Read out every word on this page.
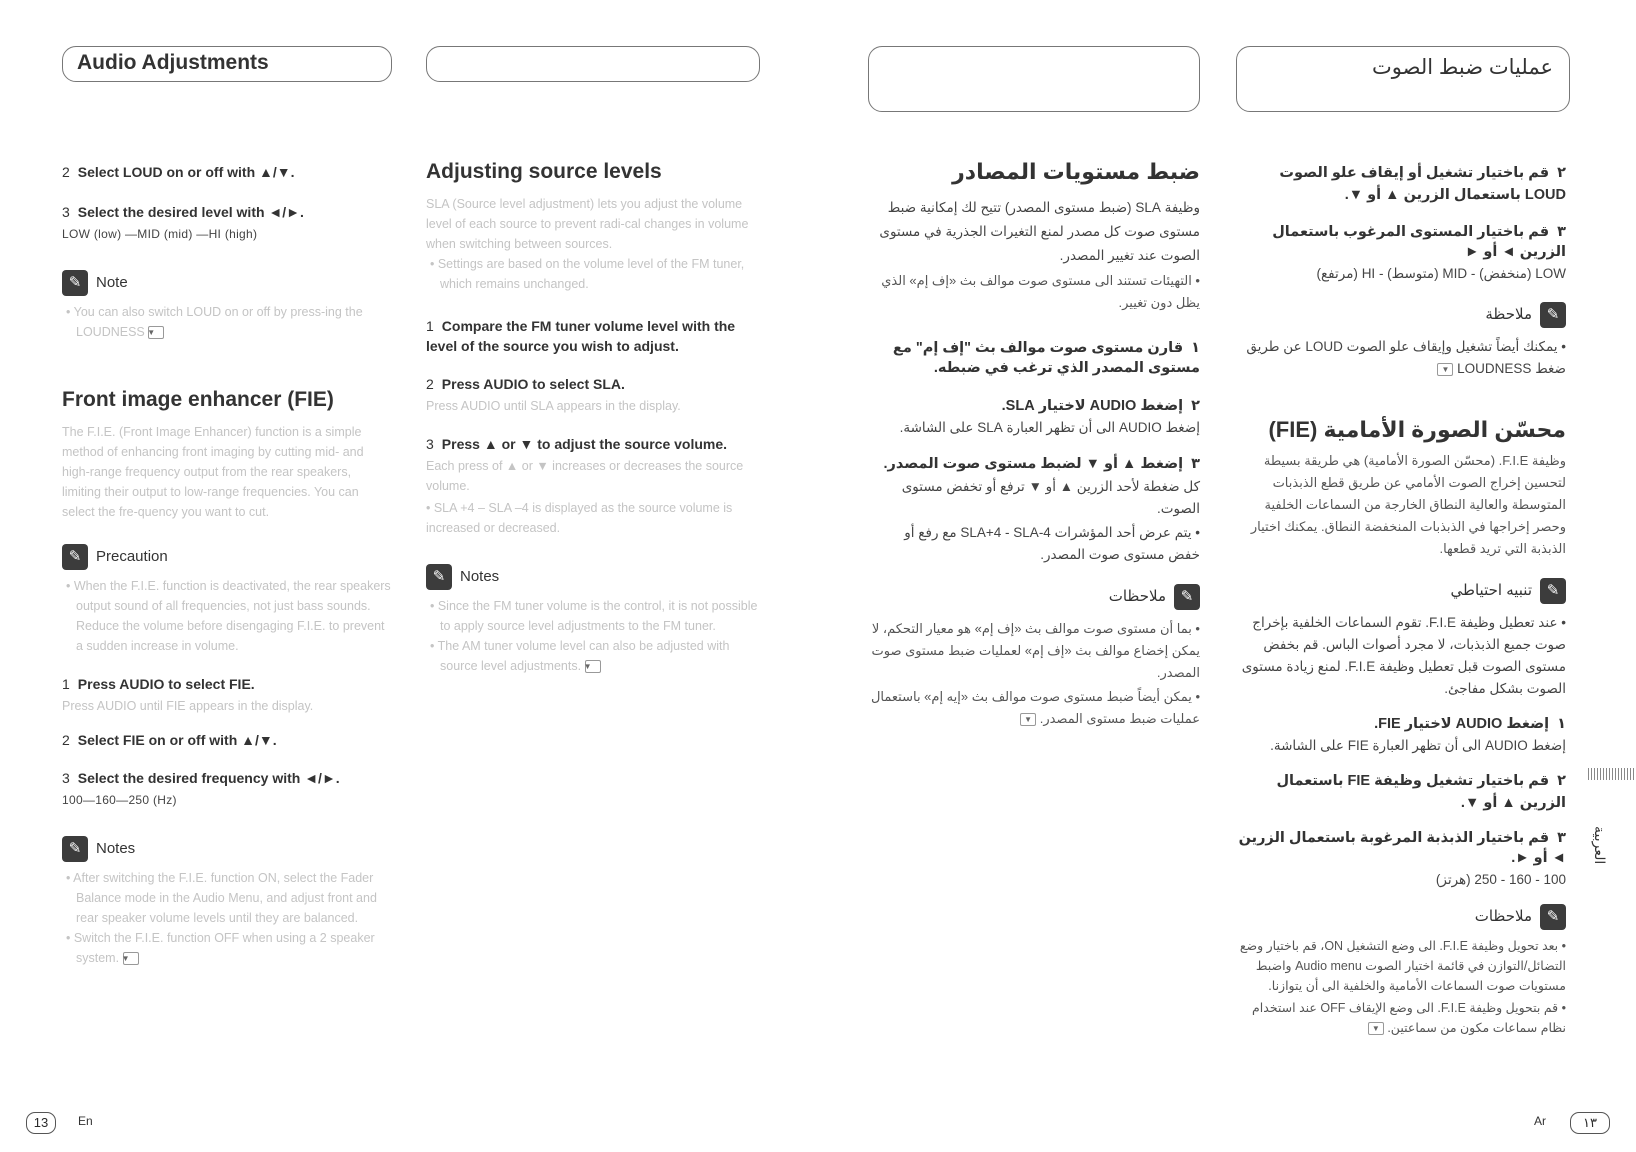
Audio Adjustments	عمليات ضبط الصوت

2 Select LOUD on or off with ▲/▼.

3 Select the desired level with ◄/►.

LOW (low) —MID (mid) —HI (high)

✎ Note

• You can also switch LOUD on or off by press-ing the LOUDNESS ▼

Front image enhancer (FIE)

The F.I.E. (Front Image Enhancer) function is a simple method of enhancing front imaging by cutting mid- and high-range frequency output from the rear speakers, limiting their output to low-range frequencies. You can select the fre-quency you want to cut.

✎ Precaution

• When the F.I.E. function is deactivated, the rear speakers output sound of all frequencies, not just bass sounds. Reduce the volume before disengaging F.I.E. to prevent a sudden increase in volume.

1 Press AUDIO to select FIE.

Press AUDIO until FIE appears in the display.

2 Select FIE on or off with ▲/▼.

3 Select the desired frequency with ◄/►.

100—160—250 (Hz)

✎ Notes

• After switching the F.I.E. function ON, select the Fader Balance mode in the Audio Menu, and adjust front and rear speaker volume levels until they are balanced.

• Switch the F.I.E. function OFF when using a 2 speaker system. ▼

Adjusting source levels

SLA (Source level adjustment) lets you adjust the volume level of each source to prevent radi-cal changes in volume when switching between sources.

• Settings are based on the volume level of the FM tuner, which remains unchanged.

1 Compare the FM tuner volume level with the level of the source you wish to adjust.

2 Press AUDIO to select SLA.

Press AUDIO until SLA appears in the display.

3 Press ▲ or ▼ to adjust the source volume.

Each press of ▲ or ▼ increases or decreases the source volume.

• SLA +4 – SLA –4 is displayed as the source volume is increased or decreased.

✎ Notes

• Since the FM tuner volume is the control, it is not possible to apply source level adjustments to the FM tuner.

• The AM tuner volume level can also be adjusted with source level adjustments. ▼

ضبط مستويات المصادر

وظيفة SLA (ضبط مستوى المصدر) تتيح لك إمكانية ضبط مستوى صوت كل مصدر لمنع التغيرات الجذرية في مستوى الصوت عند تغيير المصدر.

• التهيئات تستند الى مستوى صوت موالف بث «إف إم» الذي يظل دون تغيير.

١  قارن مستوى صوت موالف بث "إف إم" مع مستوى المصدر الذي ترغب في ضبطه.

٢  إضغط AUDIO لاختيار SLA.

إضغط AUDIO الى أن تظهر العبارة SLA على الشاشة.

٣  إضغط ▲ أو ▼ لضبط مستوى صوت المصدر.

كل ضغطة لأحد الزرين ▲ أو ▼ ترفع أو تخفض مستوى الصوت.

• يتم عرض أحد المؤشرات SLA+4 - SLA-4 مع رفع أو خفض مستوى صوت المصدر.

✎
ملاحظات

• بما أن مستوى صوت موالف بث «إف إم» هو معيار التحكم، لا يمكن إخضاع موالف بث «إف إم» لعمليات ضبط مستوى صوت المصدر.

• يمكن أيضاً ضبط مستوى صوت موالف بث «إيه إم» باستعمال عمليات ضبط مستوى المصدر. ▼

٢  قم باختيار تشغيل أو إيقاف علو الصوت LOUD باستعمال الزرين ▲ أو ▼.

٣  قم باختيار المستوى المرغوب باستعمال الزرين ◄ أو ►

LOW (منخفض) - MID (متوسط) - HI (مرتفع)

✎
ملاحظة

• يمكنك أيضاً تشغيل وإيقاف علو الصوت LOUD عن طريق ضغط LOUDNESS ▼

محسّن الصورة الأمامية (FIE)

وظيفة F.I.E. (محسّن الصورة الأمامية) هي طريقة بسيطة لتحسين إخراج الصوت الأمامي عن طريق قطع الذبذبات المتوسطة والعالية النطاق الخارجة من السماعات الخلفية وحصر إخراجها في الذبذبات المنخفضة النطاق. يمكنك اختيار الذبذبة التي تريد قطعها.

✎
تنبيه احتياطي

• عند تعطيل وظيفة F.I.E. تقوم السماعات الخلفية بإخراج صوت جميع الذبذبات، لا مجرد أصوات الباس. قم بخفض مستوى الصوت قبل تعطيل وظيفة F.I.E. لمنع زيادة مستوى الصوت بشكل مفاجئ.

١  إضغط AUDIO لاختيار FIE.

إضغط AUDIO الى أن تظهر العبارة FIE على الشاشة.

٢  قم باختيار تشغيل وظيفة FIE باستعمال الزرين ▲ أو ▼.

٣  قم باختيار الذبذبة المرغوبة باستعمال الزرين ◄ أو ►.

100 - 160 - 250 (هرتز)

✎
ملاحظات

• بعد تحويل وظيفة F.I.E. الى وضع التشغيل ON، قم باختيار وضع التضائل/التوازن في قائمة اختيار الصوت Audio menu واضبط مستويات صوت السماعات الأمامية والخلفية الى أن يتوازنا.

• قم بتحويل وظيفة F.I.E. الى وضع الإيقاف OFF عند استخدام نظام سماعات مكون من سماعتين. ▼

العربية
13	En	Ar	١٣
